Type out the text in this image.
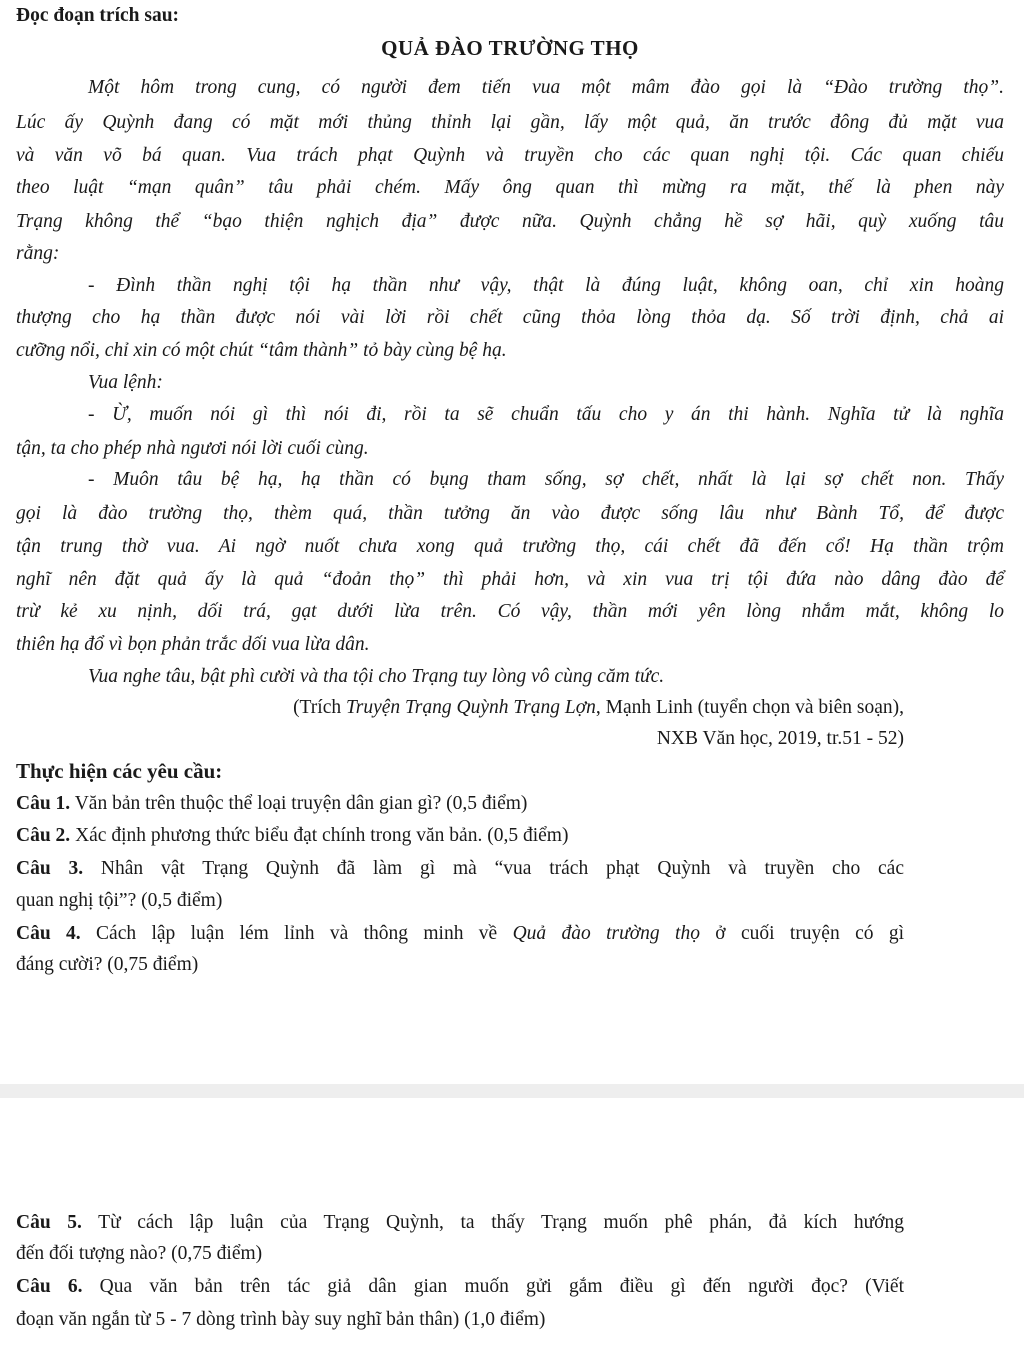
Đọc đoạn trích sau:
QUẢ ĐÀO TRƯỜNG THỌ
Một hôm trong cung, có người đem tiến vua một mâm đào gọi là “Đào trường thọ”.
Lúc ấy Quỳnh đang có mặt mới thủng thỉnh lại gần, lấy một quả, ăn trước đông đủ mặt vua
và văn võ bá quan. Vua trách phạt Quỳnh và truyền cho các quan nghị tội. Các quan chiếu
theo luật “mạn quân” tâu phải chém. Mấy ông quan thì mừng ra mặt, thế là phen này
Trạng không thể “bạo thiện nghịch địa” được nữa. Quỳnh chẳng hề sợ hãi, quỳ xuống tâu
rằng:
- Đình thần nghị tội hạ thần như vậy, thật là đúng luật, không oan, chỉ xin hoàng
thượng cho hạ thần được nói vài lời rồi chết cũng thỏa lòng thỏa dạ. Số trời định, chả ai
cưỡng nổi, chỉ xin có một chút “tâm thành” tỏ bày cùng bệ hạ.
Vua lệnh:
- Ừ, muốn nói gì thì nói đi, rồi ta sẽ chuẩn tấu cho y án thi hành. Nghĩa tử là nghĩa
tận, ta cho phép nhà ngươi nói lời cuối cùng.
- Muôn tâu bệ hạ, hạ thần có bụng tham sống, sợ chết, nhất là lại sợ chết non. Thấy
gọi là đào trường thọ, thèm quá, thần tưởng ăn vào được sống lâu như Bành Tổ, để được
tận trung thờ vua. Ai ngờ nuốt chưa xong quả trường thọ, cái chết đã đến cổ! Hạ thần trộm
nghĩ nên đặt quả ấy là quả “đoản thọ” thì phải hơn, và xin vua trị tội đứa nào dâng đào để
trừ kẻ xu nịnh, dối trá, gạt dưới lừa trên. Có vậy, thần mới yên lòng nhắm mắt, không lo
thiên hạ đổ vì bọn phản trắc dối vua lừa dân.
Vua nghe tâu, bật phì cười và tha tội cho Trạng tuy lòng vô cùng căm tức.
(Trích Truyện Trạng Quỳnh Trạng Lợn, Mạnh Linh (tuyển chọn và biên soạn),
NXB Văn học, 2019, tr.51 - 52)
Thực hiện các yêu cầu:
Câu 1. Văn bản trên thuộc thể loại truyện dân gian gì? (0,5 điểm)
Câu 2. Xác định phương thức biểu đạt chính trong văn bản. (0,5 điểm)
Câu 3. Nhân vật Trạng Quỳnh đã làm gì mà “vua trách phạt Quỳnh và truyền cho các
quan nghị tội”? (0,5 điểm)
Câu 4. Cách lập luận lém lỉnh và thông minh về Quả đào trường thọ ở cuối truyện có gì
đáng cười? (0,75 điểm)
Câu 5. Từ cách lập luận của Trạng Quỳnh, ta thấy Trạng muốn phê phán, đả kích hướng
đến đối tượng nào? (0,75 điểm)
Câu 6. Qua văn bản trên tác giả dân gian muốn gửi gắm điều gì đến người đọc? (Viết
đoạn văn ngắn từ 5 - 7 dòng trình bày suy nghĩ bản thân) (1,0 điểm)
